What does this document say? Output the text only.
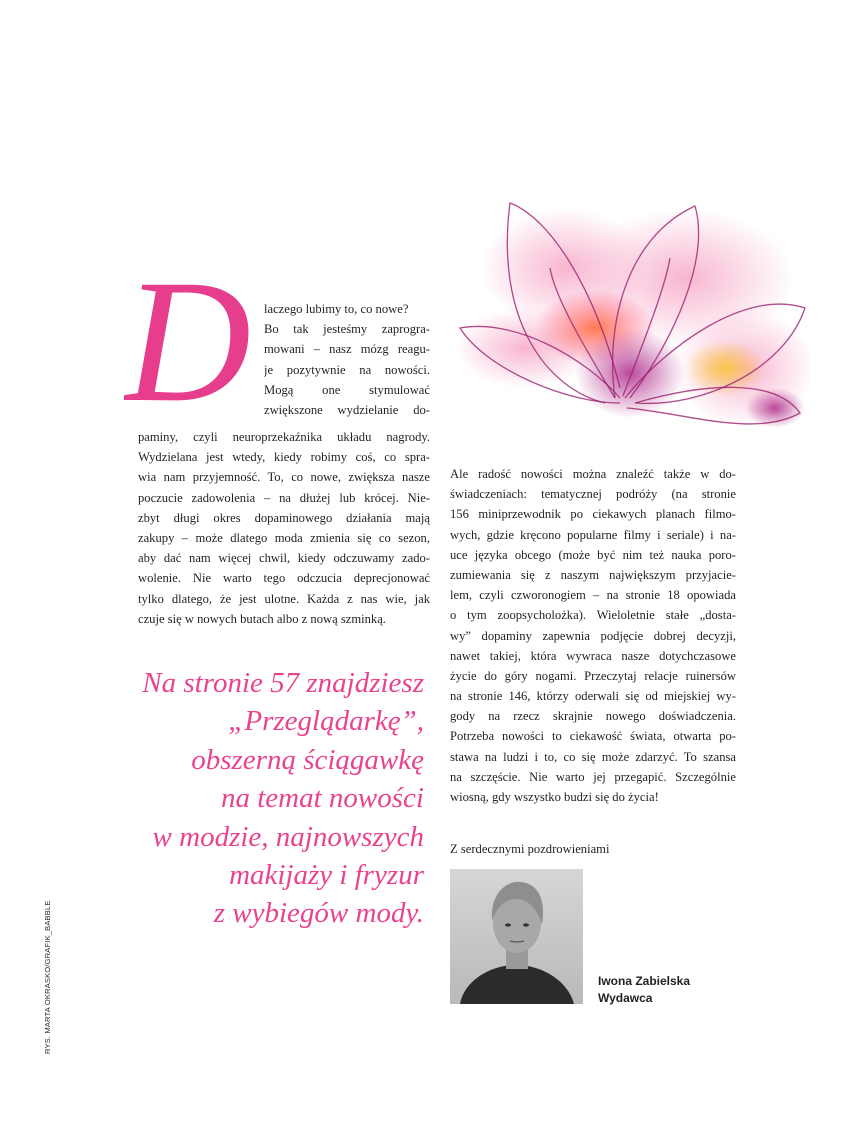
RYS. MARTA OKRASKO/GRAFIK_BABBLE
D laczego lubimy to, co nowe?
Bo tak jesteśmy zaprogra-
mowani – nasz mózg reagu-
je pozytywnie na nowości.
Mogą one stymulować
zwiększone wydzielanie do-
paminy, czyli neuroprzekaźnika układu nagrody.
Wydzielana jest wtedy, kiedy robimy coś, co spra-
wia nam przyjemność. To, co nowe, zwiększa nasze
poczucie zadowolenia – na dłużej lub krócej. Nie-
zbyt długi okres dopaminowego działania mają
zakupy – może dlatego moda zmienia się co sezon,
aby dać nam więcej chwil, kiedy odczuwamy zado-
wolenie. Nie warto tego odczucia deprecjonować
tylko dlatego, że jest ulotne. Każda z nas wie, jak
czuje się w nowych butach albo z nową szminką.
Na stronie 57 znajdziesz
„Przeglądarkę”,
obszerną ściągawkę
na temat nowości
w modzie, najnowszych
makijaży i fryzur
z wybiegów mody.
Ale radość nowości można znaleźć także w do-
świadczeniach: tematycznej podróży (na stronie
156 miniprzewodnik po ciekawych planach filmo-
wych, gdzie kręcono popularne filmy i seriale) i na-
uce języka obcego (może być nim też nauka poro-
zumiewania się z naszym największym przyjacie-
lem, czyli czworonogiem – na stronie 18 opowiada
o tym zoopsycholożka). Wieloletnie stałe „dosta-
wy” dopaminy zapewnia podjęcie dobrej decyzji,
nawet takiej, która wywraca nasze dotychczasowe
życie do góry nogami. Przeczytaj relacje ruinersów
na stronie 146, którzy oderwali się od miejskiej wy-
gody na rzecz skrajnie nowego doświadczenia.
Potrzeba nowości to ciekawość świata, otwarta po-
stawa na ludzi i to, co się może zdarzyć. To szansa
na szczęście. Nie warto jej przegapić. Szczególnie
wiosną, gdy wszystko budzi się do życia!
Z serdecznymi pozdrowieniami
Iwona Zabielska
Wydawca
